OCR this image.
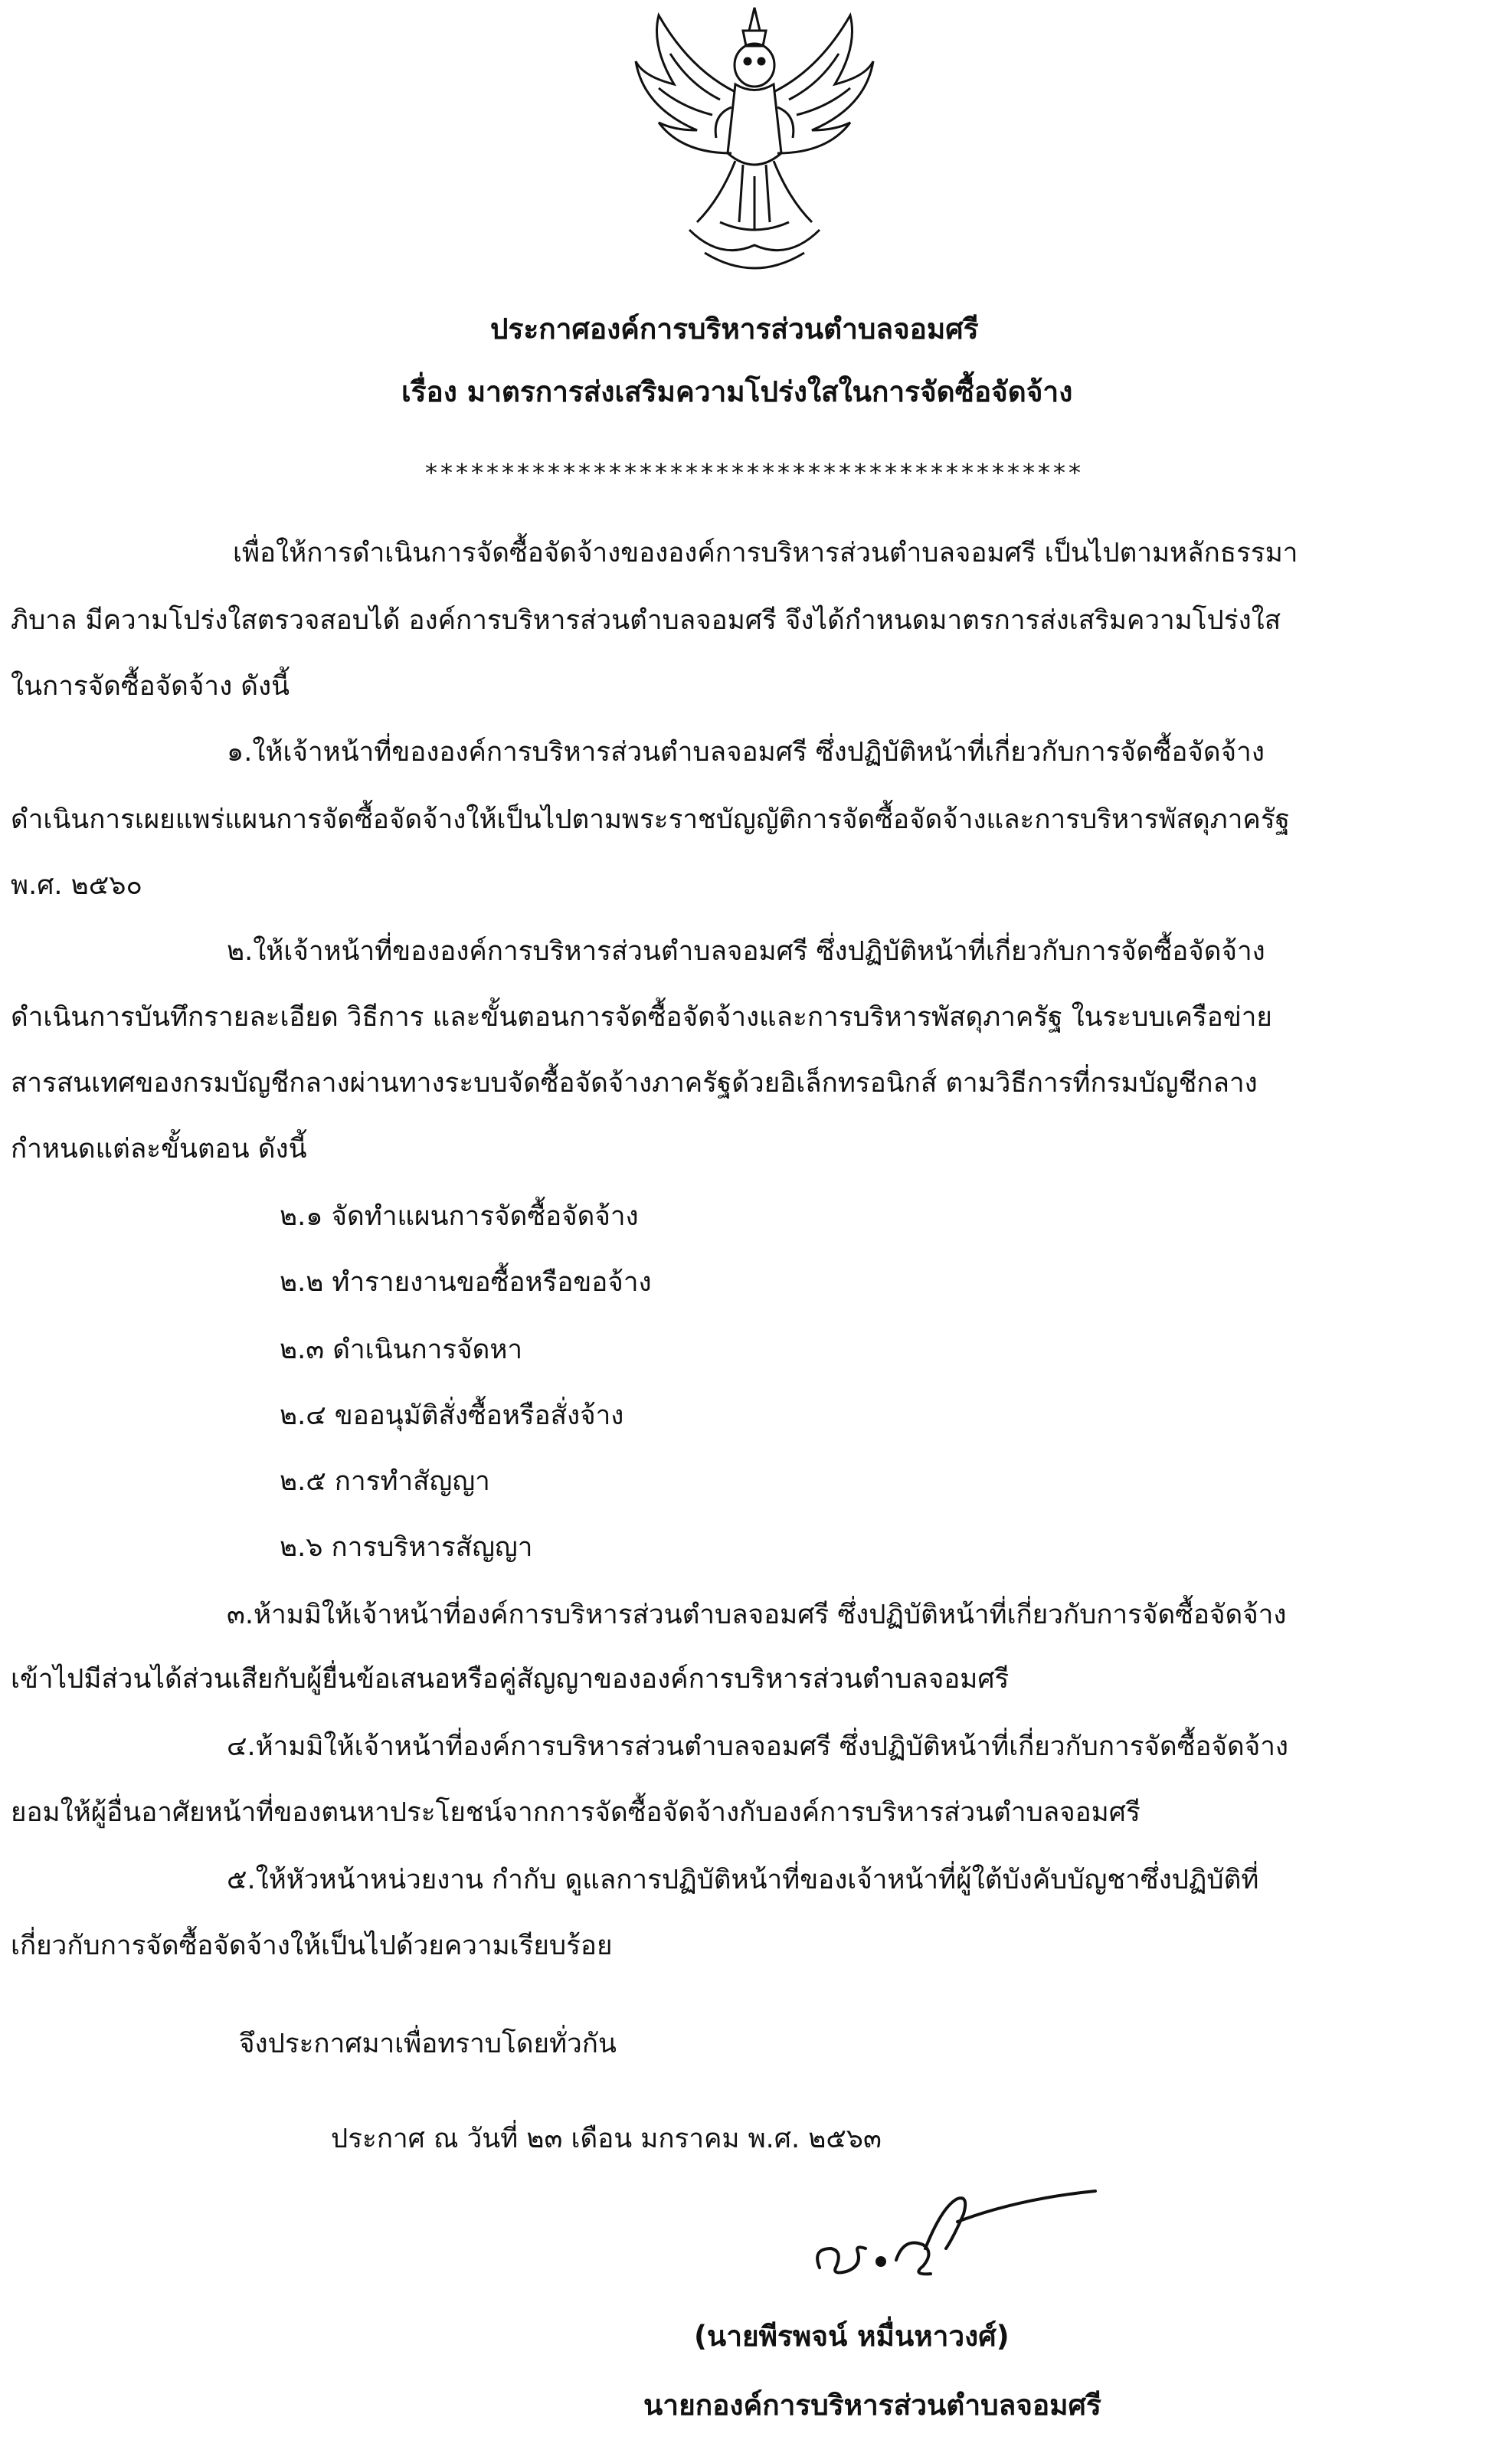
ประกาศองค์การบริหารส่วนตำบลจอมศรี
เรื่อง มาตรการส่งเสริมความโปร่งใสในการจัดซื้อจัดจ้าง
*******************************************
เพื่อให้การดำเนินการจัดซื้อจัดจ้างขององค์การบริหารส่วนตำบลจอมศรี เป็นไปตามหลักธรรมา
ภิบาล มีความโปร่งใสตรวจสอบได้ องค์การบริหารส่วนตำบลจอมศรี จึงได้กำหนดมาตรการส่งเสริมความโปร่งใส
ในการจัดซื้อจัดจ้าง ดังนี้
๑.ให้เจ้าหน้าที่ขององค์การบริหารส่วนตำบลจอมศรี ซึ่งปฏิบัติหน้าที่เกี่ยวกับการจัดซื้อจัดจ้าง
ดำเนินการเผยแพร่แผนการจัดซื้อจัดจ้างให้เป็นไปตามพระราชบัญญัติการจัดซื้อจัดจ้างและการบริหารพัสดุภาครัฐ
พ.ศ. ๒๕๖๐
๒.ให้เจ้าหน้าที่ขององค์การบริหารส่วนตำบลจอมศรี ซึ่งปฏิบัติหน้าที่เกี่ยวกับการจัดซื้อจัดจ้าง
ดำเนินการบันทึกรายละเอียด วิธีการ และขั้นตอนการจัดซื้อจัดจ้างและการบริหารพัสดุภาครัฐ ในระบบเครือข่าย
สารสนเทศของกรมบัญชีกลางผ่านทางระบบจัดซื้อจัดจ้างภาครัฐด้วยอิเล็กทรอนิกส์ ตามวิธีการที่กรมบัญชีกลาง
กำหนดแต่ละขั้นตอน ดังนี้
๒.๑ จัดทำแผนการจัดซื้อจัดจ้าง
๒.๒ ทำรายงานขอซื้อหรือขอจ้าง
๒.๓ ดำเนินการจัดหา
๒.๔ ขออนุมัติสั่งซื้อหรือสั่งจ้าง
๒.๕ การทำสัญญา
๒.๖ การบริหารสัญญา
๓.ห้ามมิให้เจ้าหน้าที่องค์การบริหารส่วนตำบลจอมศรี ซึ่งปฏิบัติหน้าที่เกี่ยวกับการจัดซื้อจัดจ้าง
เข้าไปมีส่วนได้ส่วนเสียกับผู้ยื่นข้อเสนอหรือคู่สัญญาขององค์การบริหารส่วนตำบลจอมศรี
๔.ห้ามมิให้เจ้าหน้าที่องค์การบริหารส่วนตำบลจอมศรี ซึ่งปฏิบัติหน้าที่เกี่ยวกับการจัดซื้อจัดจ้าง
ยอมให้ผู้อื่นอาศัยหน้าที่ของตนหาประโยชน์จากการจัดซื้อจัดจ้างกับองค์การบริหารส่วนตำบลจอมศรี
๕.ให้หัวหน้าหน่วยงาน กำกับ ดูแลการปฏิบัติหน้าที่ของเจ้าหน้าที่ผู้ใต้บังคับบัญชาซึ่งปฏิบัติที่
เกี่ยวกับการจัดซื้อจัดจ้างให้เป็นไปด้วยความเรียบร้อย
จึงประกาศมาเพื่อทราบโดยทั่วกัน
ประกาศ ณ วันที่ ๒๓ เดือน มกราคม พ.ศ. ๒๕๖๓
(นายพีรพจน์ หมื่นหาวงศ์)
นายกองค์การบริหารส่วนตำบลจอมศรี
